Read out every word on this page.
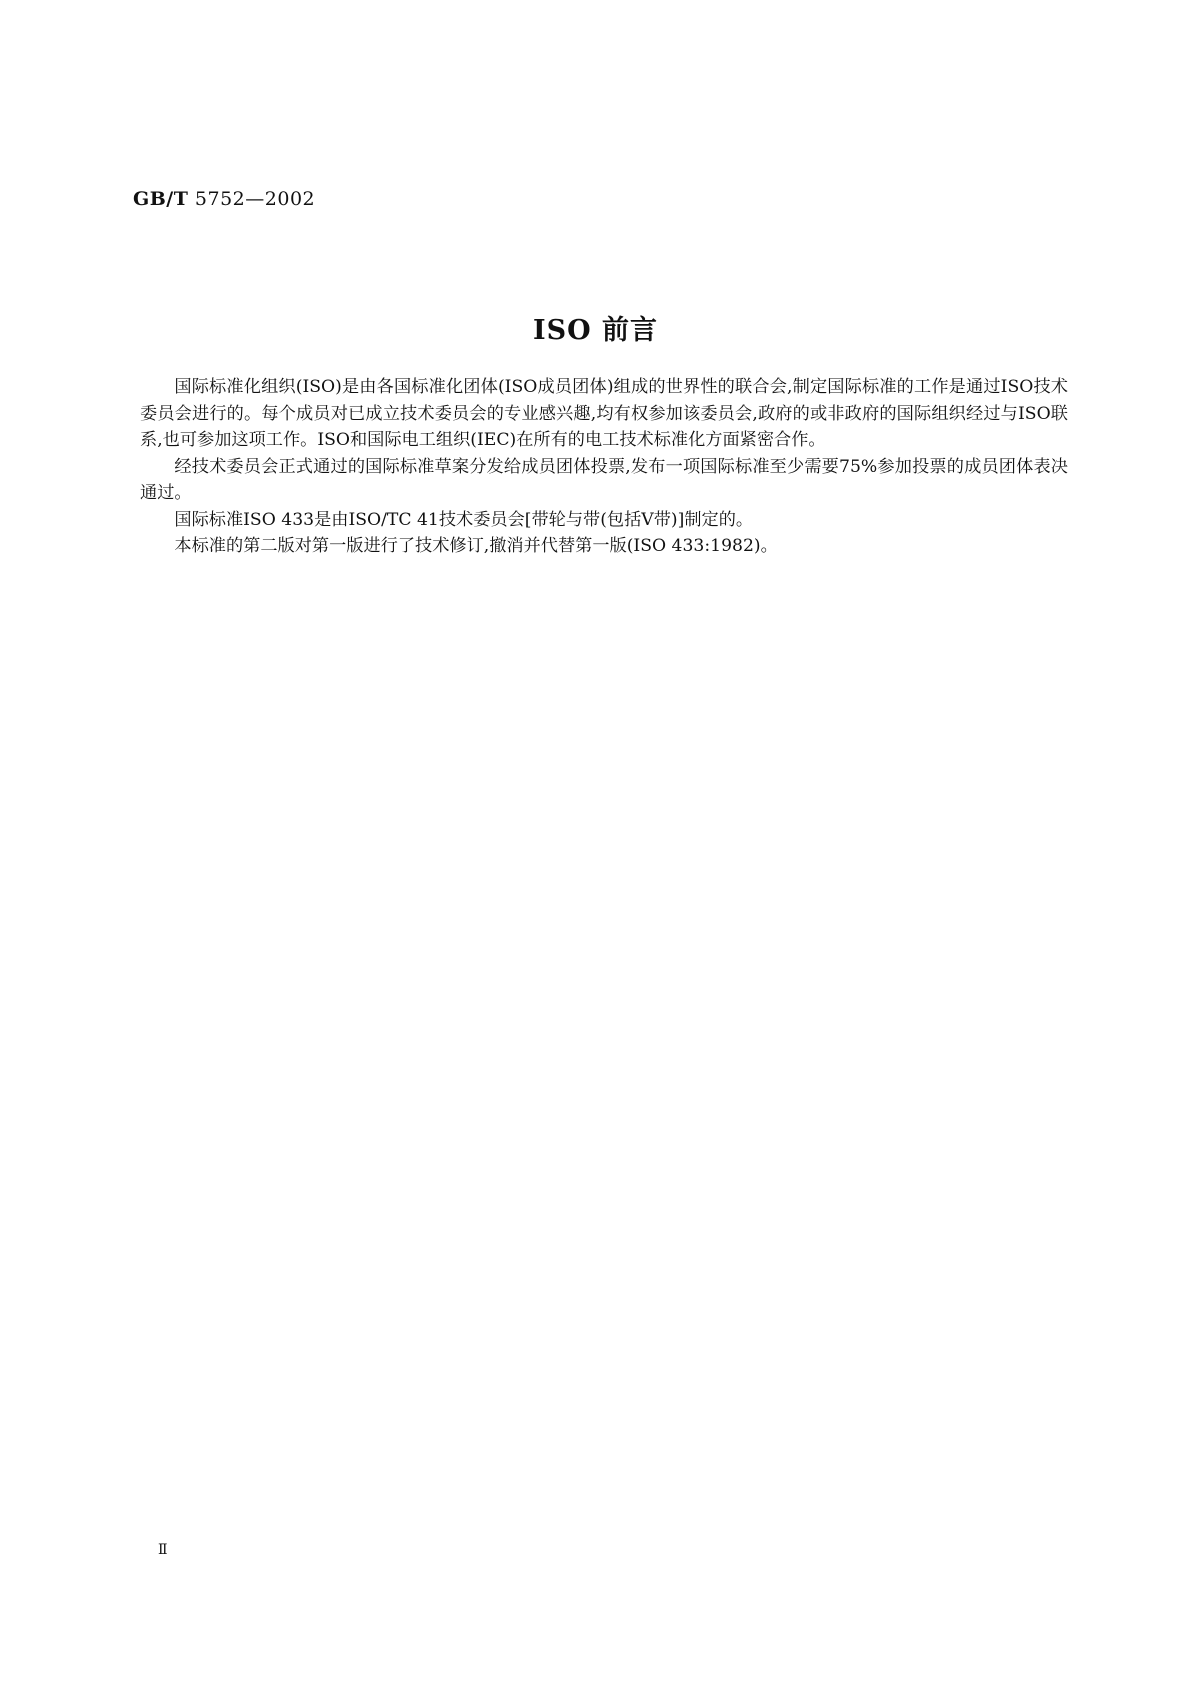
GB/T 5752—2002
ISO 前言

国际标准化组织(ISO)是由各国标准化团体(ISO成员团体)组成的世界性的联合会,制定国际标准的工作是通过ISO技术委员会进行的。每个成员对已成立技术委员会的专业感兴趣,均有权参加该委员会,政府的或非政府的国际组织经过与ISO联系,也可参加这项工作。ISO和国际电工组织(IEC)在所有的电工技术标准化方面紧密合作。

经技术委员会正式通过的国际标准草案分发给成员团体投票,发布一项国际标准至少需要75%参加投票的成员团体表决通过。

国际标准ISO 433是由ISO/TC 41技术委员会[带轮与带(包括V带)]制定的。

本标准的第二版对第一版进行了技术修订,撤消并代替第一版(ISO 433:1982)。

Ⅱ
